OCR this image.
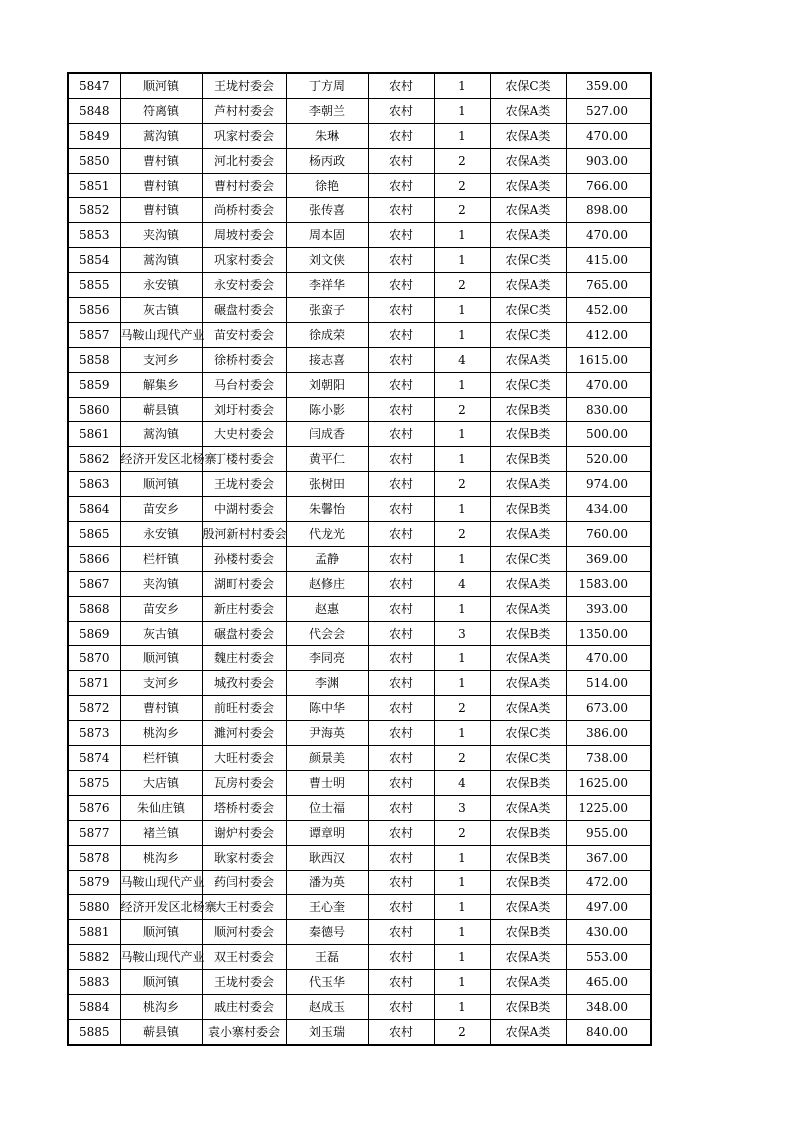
5847	顺河镇	王垅村委会	丁方周	农村	1	农保C类	359.00
5848	符离镇	芦村村委会	李朝兰	农村	1	农保A类	527.00
5849	蒿沟镇	巩家村委会	朱琳	农村	1	农保A类	470.00
5850	曹村镇	河北村委会	杨丙政	农村	2	农保A类	903.00
5851	曹村镇	曹村村委会	徐艳	农村	2	农保A类	766.00
5852	曹村镇	尚桥村委会	张传喜	农村	2	农保A类	898.00
5853	夹沟镇	周坡村委会	周本固	农村	1	农保A类	470.00
5854	蒿沟镇	巩家村委会	刘文侠	农村	1	农保C类	415.00
5855	永安镇	永安村委会	李祥华	农村	2	农保A类	765.00
5856	灰古镇	碾盘村委会	张蛮子	农村	1	农保C类	452.00
5857	马鞍山现代产业	苗安村委会	徐成荣	农村	1	农保C类	412.00
5858	支河乡	徐桥村委会	接志喜	农村	4	农保A类	1615.00
5859	解集乡	马台村委会	刘朝阳	农村	1	农保C类	470.00
5860	蕲县镇	刘圩村委会	陈小影	农村	2	农保B类	830.00
5861	蒿沟镇	大史村委会	闫成香	农村	1	农保B类	500.00
5862	经济开发区北杨寨	丁楼村委会	黄平仁	农村	1	农保B类	520.00
5863	顺河镇	王垅村委会	张树田	农村	2	农保A类	974.00
5864	苗安乡	中湖村委会	朱馨怡	农村	1	农保B类	434.00
5865	永安镇	殷河新村村委会	代龙光	农村	2	农保A类	760.00
5866	栏杆镇	孙楼村委会	孟静	农村	1	农保C类	369.00
5867	夹沟镇	湖町村委会	赵修庄	农村	4	农保A类	1583.00
5868	苗安乡	新庄村委会	赵惠	农村	1	农保A类	393.00
5869	灰古镇	碾盘村委会	代会会	农村	3	农保B类	1350.00
5870	顺河镇	魏庄村委会	李同亮	农村	1	农保A类	470.00
5871	支河乡	城孜村委会	李渊	农村	1	农保A类	514.00
5872	曹村镇	前旺村委会	陈中华	农村	2	农保A类	673.00
5873	桃沟乡	濉河村委会	尹海英	农村	1	农保C类	386.00
5874	栏杆镇	大旺村委会	颜景美	农村	2	农保C类	738.00
5875	大店镇	瓦房村委会	曹士明	农村	4	农保B类	1625.00
5876	朱仙庄镇	塔桥村委会	位士福	农村	3	农保A类	1225.00
5877	褚兰镇	谢炉村委会	谭章明	农村	2	农保B类	955.00
5878	桃沟乡	耿家村委会	耿西汉	农村	1	农保B类	367.00
5879	马鞍山现代产业	药闫村委会	潘为英	农村	1	农保B类	472.00
5880	经济开发区北杨寨	大王村委会	王心奎	农村	1	农保A类	497.00
5881	顺河镇	顺河村委会	秦德号	农村	1	农保B类	430.00
5882	马鞍山现代产业	双王村委会	王磊	农村	1	农保A类	553.00
5883	顺河镇	王垅村委会	代玉华	农村	1	农保A类	465.00
5884	桃沟乡	戚庄村委会	赵成玉	农村	1	农保B类	348.00
5885	蕲县镇	袁小寨村委会	刘玉瑞	农村	2	农保A类	840.00
